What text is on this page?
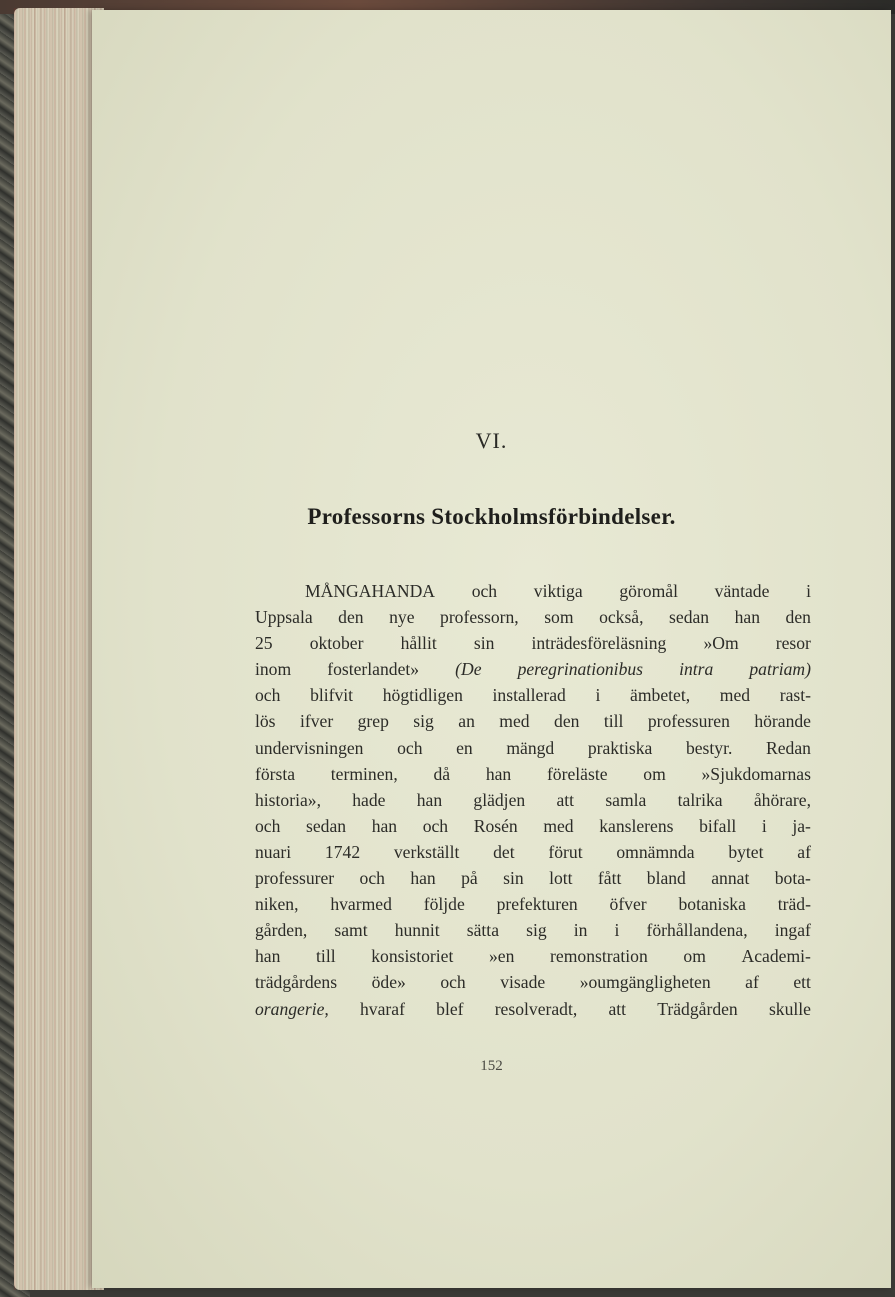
VI.
Professorns Stockholmsförbindelser.
MÅNGAHANDA och viktiga göromål väntade i
Uppsala den nye professorn, som också, sedan han den
25 oktober hållit sin inträdesföreläsning »Om resor
inom fosterlandet» (De peregrinationibus intra patriam)
och blifvit högtidligen installerad i ämbetet, med rast-
lös ifver grep sig an med den till professuren hörande
undervisningen och en mängd praktiska bestyr. Redan
första terminen, då han föreläste om »Sjukdomarnas
historia», hade han glädjen att samla talrika åhörare,
och sedan han och Rosén med kanslerens bifall i ja-
nuari 1742 verkställt det förut omnämnda bytet af
professurer och han på sin lott fått bland annat bota-
niken, hvarmed följde prefekturen öfver botaniska träd-
gården, samt hunnit sätta sig in i förhållandena, ingaf
han till konsistoriet »en remonstration om Academi-
trädgårdens öde» och visade »oumgängligheten af ett
orangerie, hvaraf blef resolveradt, att Trädgården skulle
152
